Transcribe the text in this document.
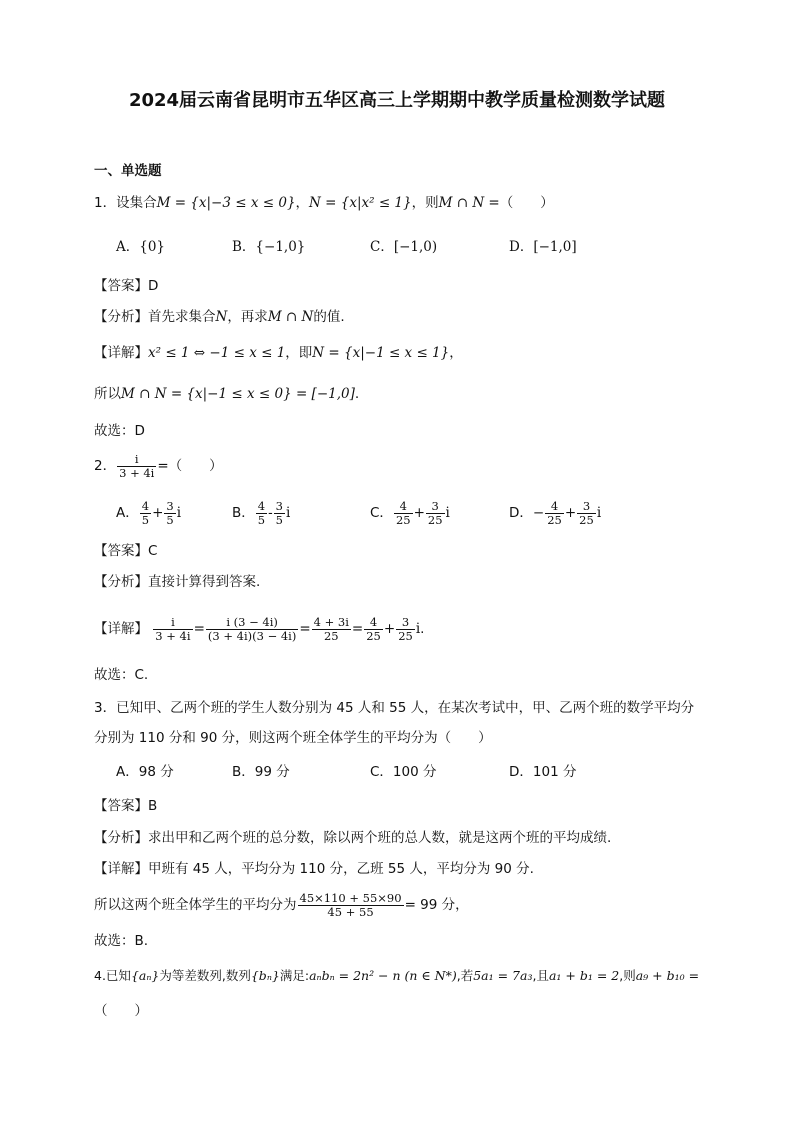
2024届云南省昆明市五华区高三上学期期中教学质量检测数学试题
一、单选题
1．设集合M = {x|−3 ≤ x ≤ 0}，N = {x|x² ≤ 1}，则M ∩ N =（　　）
A．{0}	B．{−1,0}	C．[−1,0)	D．[−1,0]
【答案】D
【分析】首先求集合N，再求M ∩ N的值.
【详解】x² ≤ 1 ⇔ −1 ≤ x ≤ 1，即N = {x|−1 ≤ x ≤ 1}，
所以M ∩ N = {x|−1 ≤ x ≤ 0} = [−1,0].
故选：D
2． $\frac{i}{3 + 4i}$ =（　　）
A． $\frac{4}{5} + \frac{3}{5}$ i	B． $\frac{4}{5} - \frac{3}{5}$ i	C． $\frac{4}{25} + \frac{3}{25}$ i	D．− $\frac{4}{25} + \frac{3}{25}$ i
【答案】C
【分析】直接计算得到答案.
【详解】 $\frac{i}{3 + 4i} = \frac{i (3 - 4i)}{(3 + 4i)(3 - 4i)} = \frac{4 + 3i}{25} = \frac{4}{25} + \frac{3}{25} i$.
故选：C.
3．已知甲、乙两个班的学生人数分别为 45 人和 55 人，在某次考试中，甲、乙两个班的数学平均分
分别为 110 分和 90 分，则这两个班全体学生的平均分为（　　）
A．98 分	B．99 分	C．100 分	D．101 分
【答案】B
【分析】求出甲和乙两个班的总分数，除以两个班的总人数，就是这两个班的平均成绩.
【详解】甲班有 45 人，平均分为 110 分，乙班 55 人，平均分为 90 分.
所以这两个班全体学生的平均分为 $\frac{45\times 110 + 55\times 90}{45 + 55} = 99$ 分，
故选：B.
4.已知{aₙ}为等差数列,数列{bₙ}满足:aₙbₙ = 2n² − n (n ∈ N*),若5a₁ = 7a₃,且a₁ + b₁ = 2,则a₉ + b₁₀ =
（　　）
